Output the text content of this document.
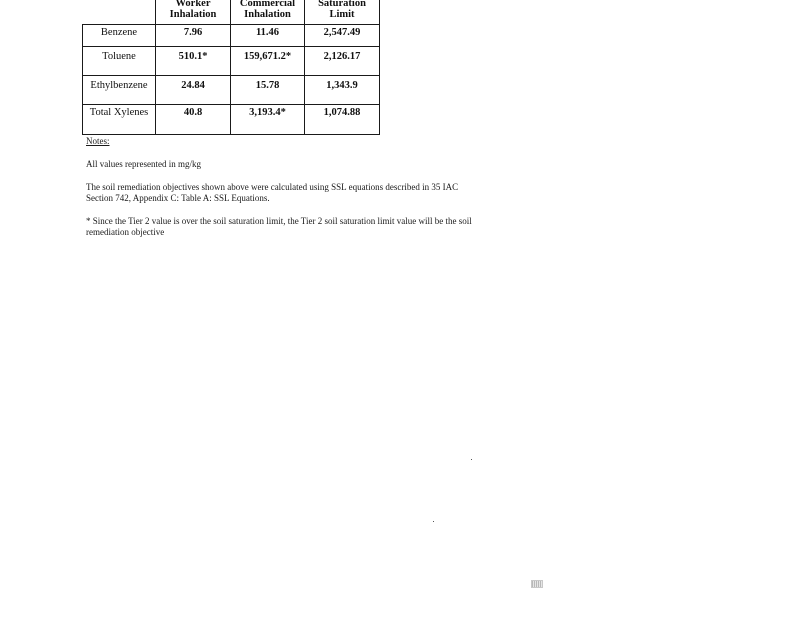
	Worker Inhalation	Commercial Inhalation	Saturation Limit
Benzene	7.96	11.46	2,547.49
Toluene	510.1*	159,671.2*	2,126.17
Ethylbenzene	24.84	15.78	1,343.9
Total Xylenes	40.8	3,193.4*	1,074.88

Notes:

All values represented in mg/kg

The soil remediation objectives shown above were calculated using SSL equations described in 35 IAC Section 742, Appendix C: Table A: SSL Equations.

* Since the Tier 2 value is over the soil saturation limit, the Tier 2 soil saturation limit value will be the soil remediation objective
